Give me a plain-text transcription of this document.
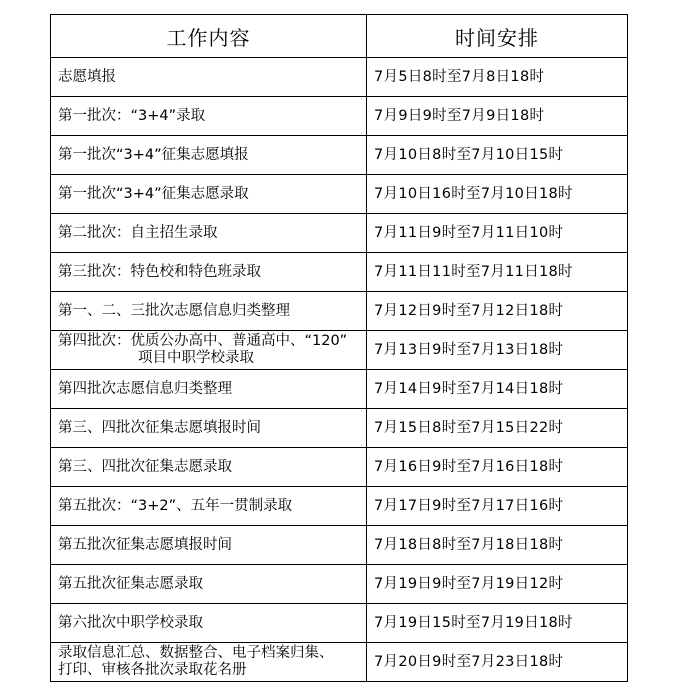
工作内容	时间安排

志愿填报	7月5日8时至7月8日18时

第一批次：“3+4”录取	7月9日9时至7月9日18时

第一批次“3+4”征集志愿填报	7月10日8时至7月10日15时

第一批次“3+4”征集志愿录取	7月10日16时至7月10日18时

第二批次：自主招生录取	7月11日9时至7月11日10时

第三批次：特色校和特色班录取	7月11日11时至7月11日18时

第一、二、三批次志愿信息归类整理	7月12日9时至7月12日18时

第四批次：优质公办高中、普通高中、“120”
项目中职学校录取	7月13日9时至7月13日18时

第四批次志愿信息归类整理	7月14日9时至7月14日18时

第三、四批次征集志愿填报时间	7月15日8时至7月15日22时

第三、四批次征集志愿录取	7月16日9时至7月16日18时

第五批次：“3+2”、五年一贯制录取	7月17日9时至7月17日16时

第五批次征集志愿填报时间	7月18日8时至7月18日18时

第五批次征集志愿录取	7月19日9时至7月19日12时

第六批次中职学校录取	7月19日15时至7月19日18时

录取信息汇总、数据整合、电子档案归集、
打印、审核各批次录取花名册	7月20日9时至7月23日18时
